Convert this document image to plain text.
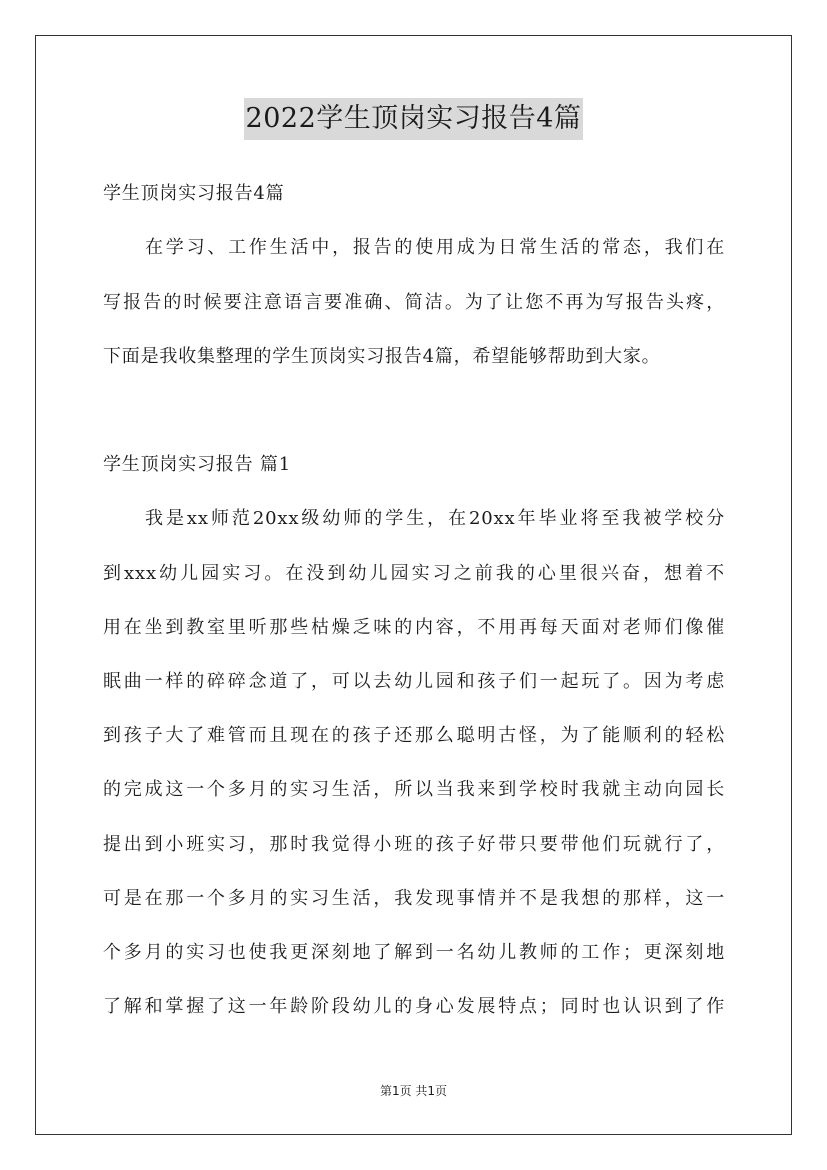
2022学生顶岗实习报告4篇
学生顶岗实习报告4篇
在学习、工作生活中，报告的使用成为日常生活的常态，我们在
写报告的时候要注意语言要准确、简洁。为了让您不再为写报告头疼，
下面是我收集整理的学生顶岗实习报告4篇，希望能够帮助到大家。
学生顶岗实习报告 篇1
我是xx师范20xx级幼师的学生，在20xx年毕业将至我被学校分
到xxx幼儿园实习。在没到幼儿园实习之前我的心里很兴奋，想着不
用在坐到教室里听那些枯燥乏味的内容，不用再每天面对老师们像催
眠曲一样的碎碎念道了，可以去幼儿园和孩子们一起玩了。因为考虑
到孩子大了难管而且现在的孩子还那么聪明古怪，为了能顺利的轻松
的完成这一个多月的实习生活，所以当我来到学校时我就主动向园长
提出到小班实习，那时我觉得小班的孩子好带只要带他们玩就行了，
可是在那一个多月的实习生活，我发现事情并不是我想的那样，这一
个多月的实习也使我更深刻地了解到一名幼儿教师的工作；更深刻地
了解和掌握了这一年龄阶段幼儿的身心发展特点；同时也认识到了作
第1页 共1页
